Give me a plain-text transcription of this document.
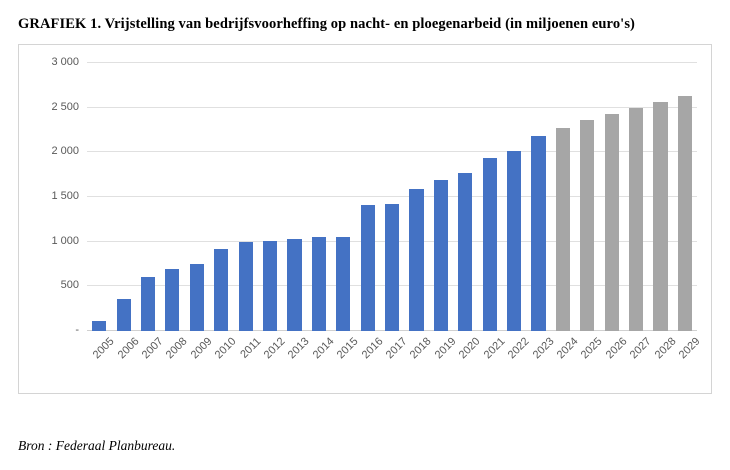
GRAFIEK 1. Vrijstelling van bedrijfsvoorheffing op nacht- en ploegenarbeid (in miljoenen euro's)
3 000
2 500
2 000
1 500
1 000
500
-
2005
2006
2007
2008
2009
2010 2011
2012
2013
2014
2015
2016
2017
2018
2019
2020
2021
2022
2023
2024
2025
2026
2027
2028
2029
Bron : Federaal Planbureau.
